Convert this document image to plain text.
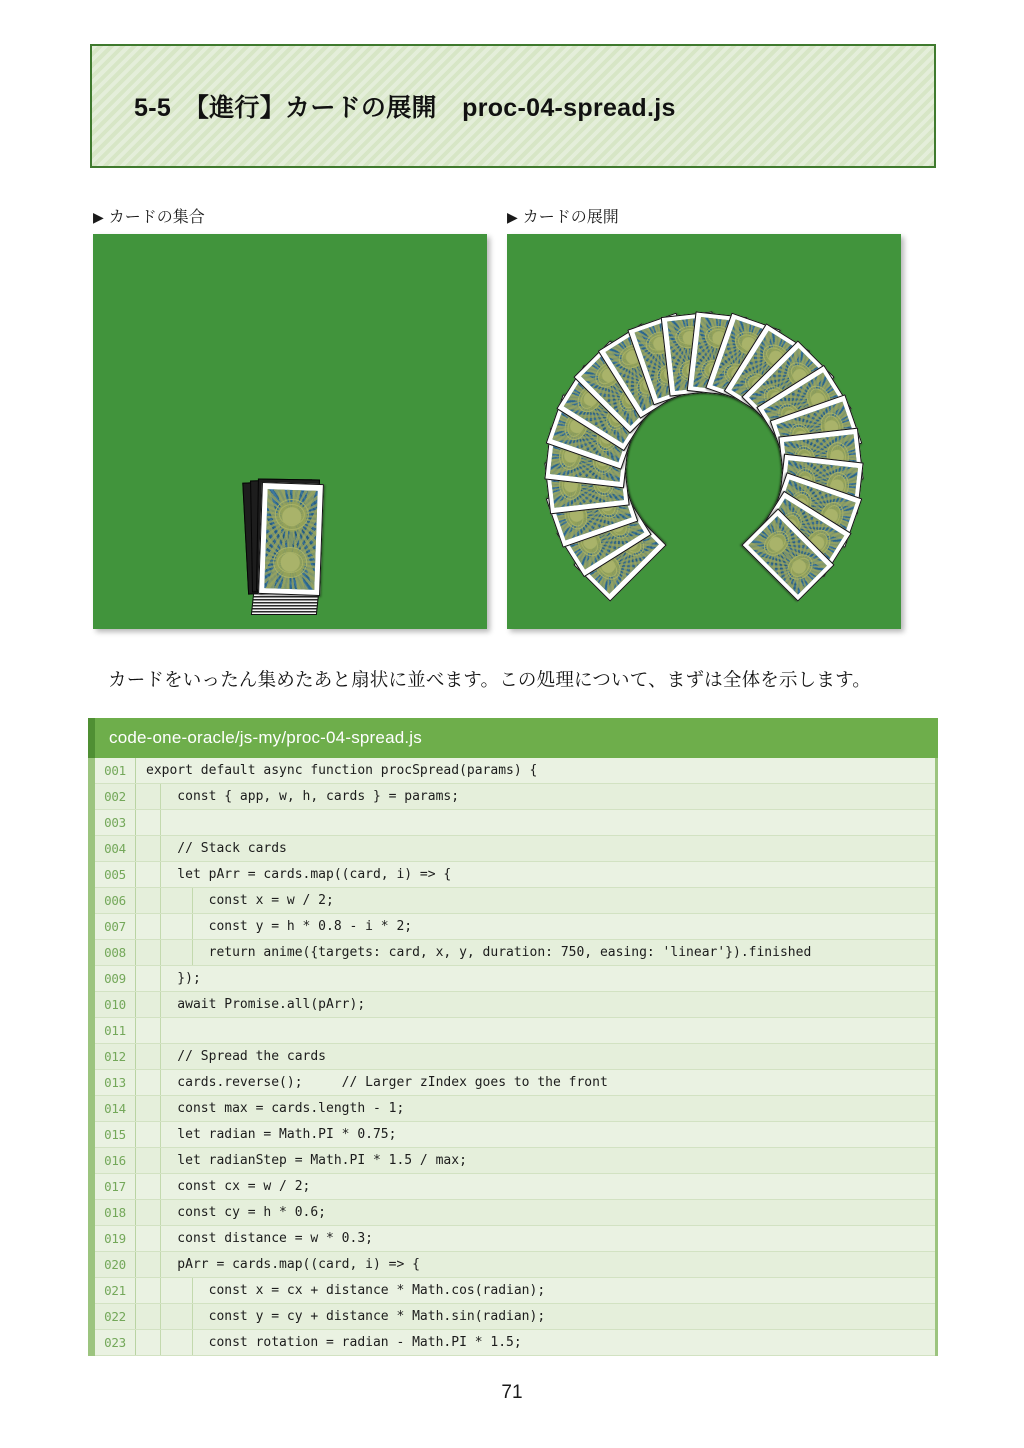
5-5　【進行】カードの展開　proc-04-spread.js
▶ カードの集合	▶ カードの展開
カードをいったん集めたあと扇状に並べます。この処理について、まずは全体を示します。
code-one-oracle/js-my/proc-04-spread.js
001	export default async function procSpread(params) {
002	const { app, w, h, cards } = params;
003

004	// Stack cards
005	let pArr = cards.map((card, i) => {
006	const x = w / 2;
007	const y = h * 0.8 - i * 2;
008	return anime({targets: card, x, y, duration: 750, easing: 'linear'}).finished
009	});
010	await Promise.all(pArr);
011

012	// Spread the cards
013	cards.reverse();     // Larger zIndex goes to the front
014	const max = cards.length - 1;
015	let radian = Math.PI * 0.75;
016	let radianStep = Math.PI * 1.5 / max;
017	const cx = w / 2;
018	const cy = h * 0.6;
019	const distance = w * 0.3;
020	pArr = cards.map((card, i) => {
021	const x = cx + distance * Math.cos(radian);
022	const y = cy + distance * Math.sin(radian);
023	const rotation = radian - Math.PI * 1.5;
71
